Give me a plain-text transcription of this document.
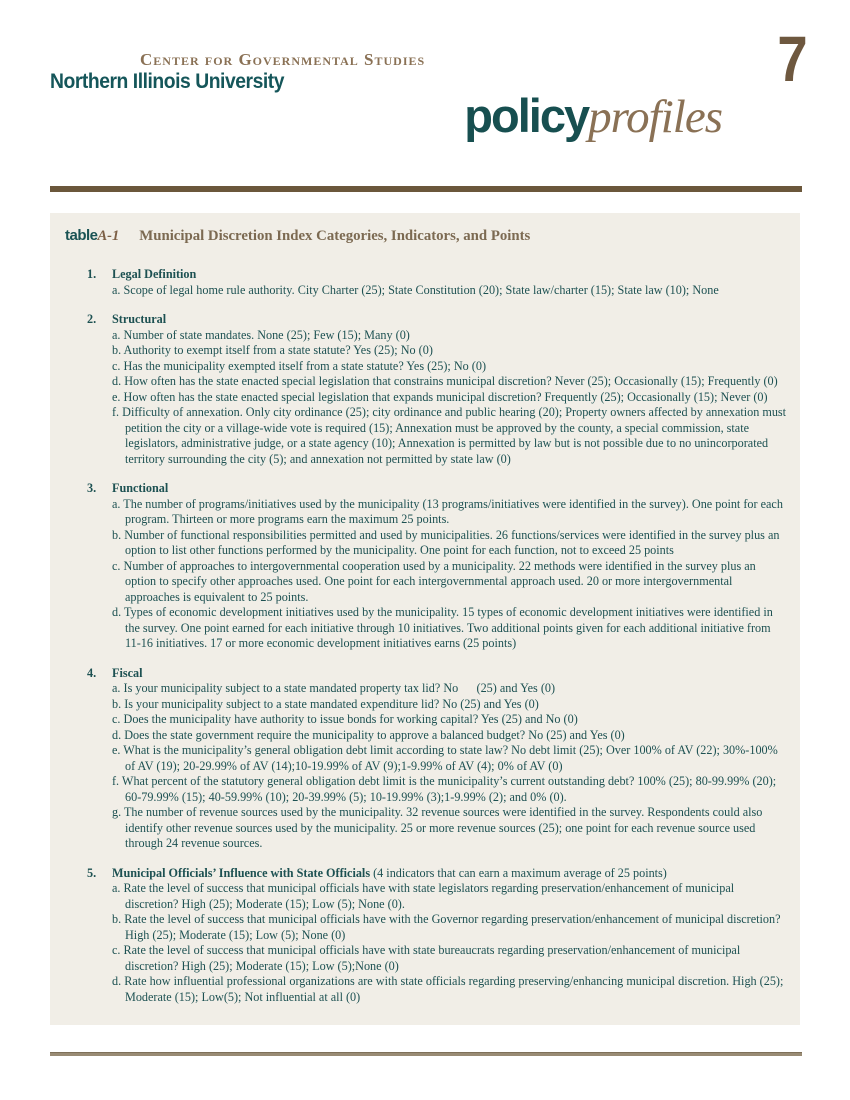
Center for Governmental Studies
Northern Illinois University	7
policyprofiles
tableA-1 Municipal Discretion Index Categories, Indicators, and Points
1. Legal Definition
a. Scope of legal home rule authority. City Charter (25); State Constitution (20); State law/charter (15); State law (10); None
2. Structural
a. Number of state mandates. None (25); Few (15); Many (0)
b. Authority to exempt itself from a state statute? Yes (25); No (0)
c. Has the municipality exempted itself from a state statute? Yes (25); No (0)
d. How often has the state enacted special legislation that constrains municipal discretion? Never (25); Occasionally (15); Frequently (0)
e. How often has the state enacted special legislation that expands municipal discretion? Frequently (25); Occasionally (15); Never (0)
f. Difficulty of annexation. Only city ordinance (25); city ordinance and public hearing (20); Property owners affected by annexation must petition the city or a village-wide vote is required (15); Annexation must be approved by the county, a special commission, state legislators, administrative judge, or a state agency (10); Annexation is permitted by law but is not possible due to no unincorporated territory surrounding the city (5); and annexation not permitted by state law (0)
3. Functional
a. The number of programs/initiatives used by the municipality (13 programs/initiatives were identified in the survey). One point for each program. Thirteen or more programs earn the maximum 25 points.
b. Number of functional responsibilities permitted and used by municipalities. 26 functions/services were identified in the survey plus an option to list other functions performed by the municipality. One point for each function, not to exceed 25 points
c. Number of approaches to intergovernmental cooperation used by a municipality. 22 methods were identified in the survey plus an option to specify other approaches used. One point for each intergovernmental approach used. 20 or more intergovernmental approaches is equivalent to 25 points.
d. Types of economic development initiatives used by the municipality. 15 types of economic development initiatives were identified in the survey. One point earned for each initiative through 10 initiatives. Two additional points given for each additional initiative from 11-16 initiatives. 17 or more economic development initiatives earns (25 points)
4. Fiscal
a. Is your municipality subject to a state mandated property tax lid? No      (25) and Yes (0)
b. Is your municipality subject to a state mandated expenditure lid? No (25) and Yes (0)
c. Does the municipality have authority to issue bonds for working capital? Yes (25) and No (0)
d. Does the state government require the municipality to approve a balanced budget? No (25) and Yes (0)
e. What is the municipality’s general obligation debt limit according to state law? No debt limit (25); Over 100% of AV (22); 30%-100% of AV (19); 20-29.99% of AV (14);10-19.99% of AV (9);1-9.99% of AV (4); 0% of AV (0)
f. What percent of the statutory general obligation debt limit is the municipality’s current outstanding debt? 100% (25); 80-99.99% (20); 60-79.99% (15); 40-59.99% (10); 20-39.99% (5); 10-19.99% (3);1-9.99% (2); and 0% (0).
g. The number of revenue sources used by the municipality. 32 revenue sources were identified in the survey. Respondents could also identify other revenue sources used by the municipality. 25 or more revenue sources (25); one point for each revenue source used through 24 revenue sources.
5. Municipal Officials’ Influence with State Officials (4 indicators that can earn a maximum average of 25 points)
a. Rate the level of success that municipal officials have with state legislators regarding preservation/enhancement of municipal discretion? High (25); Moderate (15); Low (5); None (0).
b. Rate the level of success that municipal officials have with the Governor regarding preservation/enhancement of municipal discretion? High (25); Moderate (15); Low (5); None (0)
c. Rate the level of success that municipal officials have with state bureaucrats regarding preservation/enhancement of municipal discretion? High (25); Moderate (15); Low (5);None (0)
d. Rate how influential professional organizations are with state officials regarding preserving/enhancing municipal discretion. High (25); Moderate (15); Low(5); Not influential at all (0)
